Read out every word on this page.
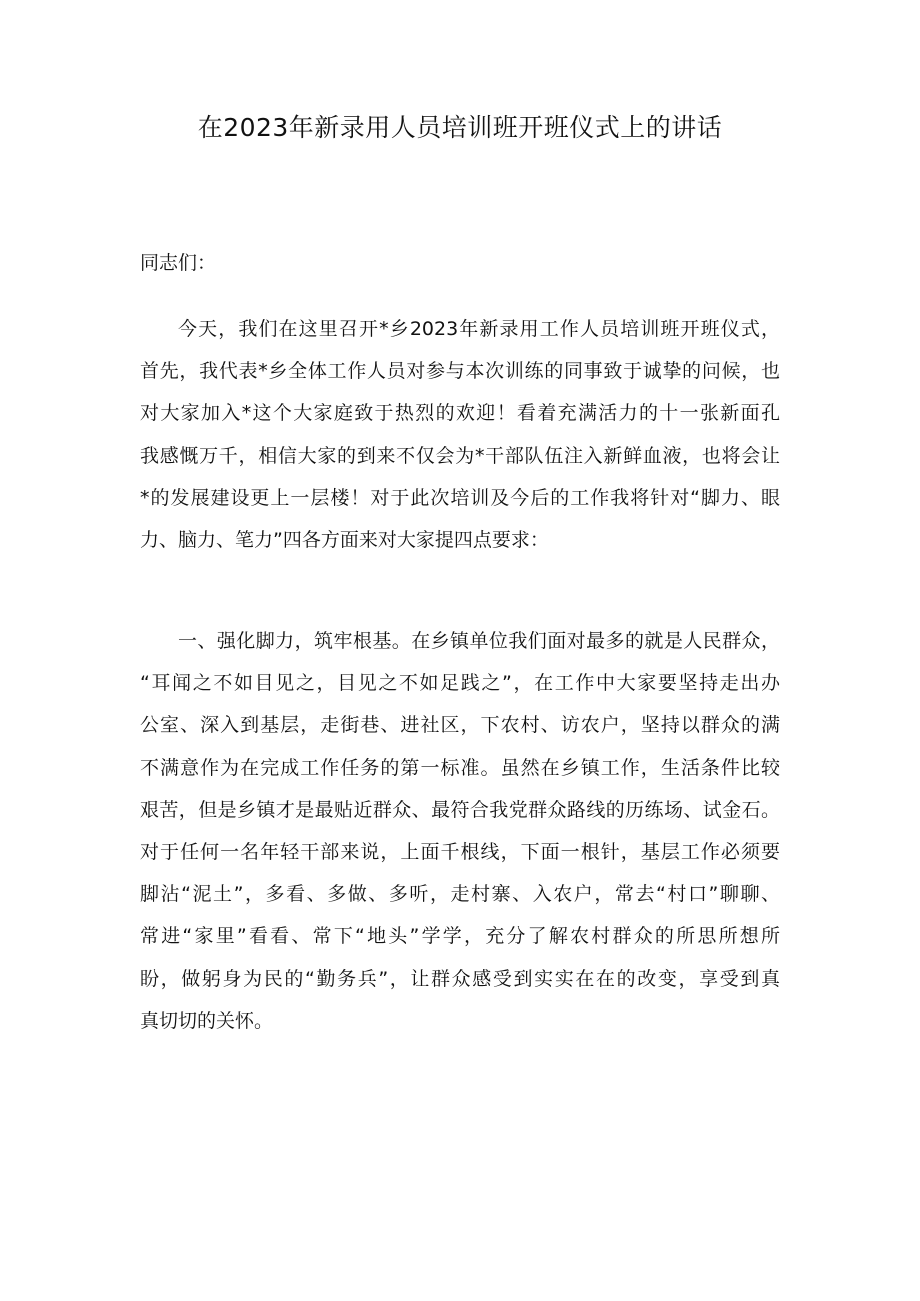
在2023年新录用人员培训班开班仪式上的讲话
同志们：
今天，我们在这里召开*乡2023年新录用工作人员培训班开班仪式，
首先，我代表*乡全体工作人员对参与本次训练的同事致于诚挚的问候，也
对大家加入*这个大家庭致于热烈的欢迎！看着充满活力的十一张新面孔
我感慨万千，相信大家的到来不仅会为*干部队伍注入新鲜血液，也将会让
*的发展建设更上一层楼！对于此次培训及今后的工作我将针对“脚力、眼
力、脑力、笔力”四各方面来对大家提四点要求：
一、强化脚力，筑牢根基。在乡镇单位我们面对最多的就是人民群众，
“耳闻之不如目见之，目见之不如足践之”，在工作中大家要坚持走出办
公室、深入到基层，走街巷、进社区，下农村、访农户，坚持以群众的满
不满意作为在完成工作任务的第一标准。虽然在乡镇工作，生活条件比较
艰苦，但是乡镇才是最贴近群众、最符合我党群众路线的历练场、试金石。
对于任何一名年轻干部来说，上面千根线，下面一根针，基层工作必须要
脚沾“泥土”，多看、多做、多听，走村寨、入农户，常去“村口”聊聊、
常进“家里”看看、常下“地头”学学，充分了解农村群众的所思所想所
盼，做躬身为民的“勤务兵”，让群众感受到实实在在的改变，享受到真
真切切的关怀。
